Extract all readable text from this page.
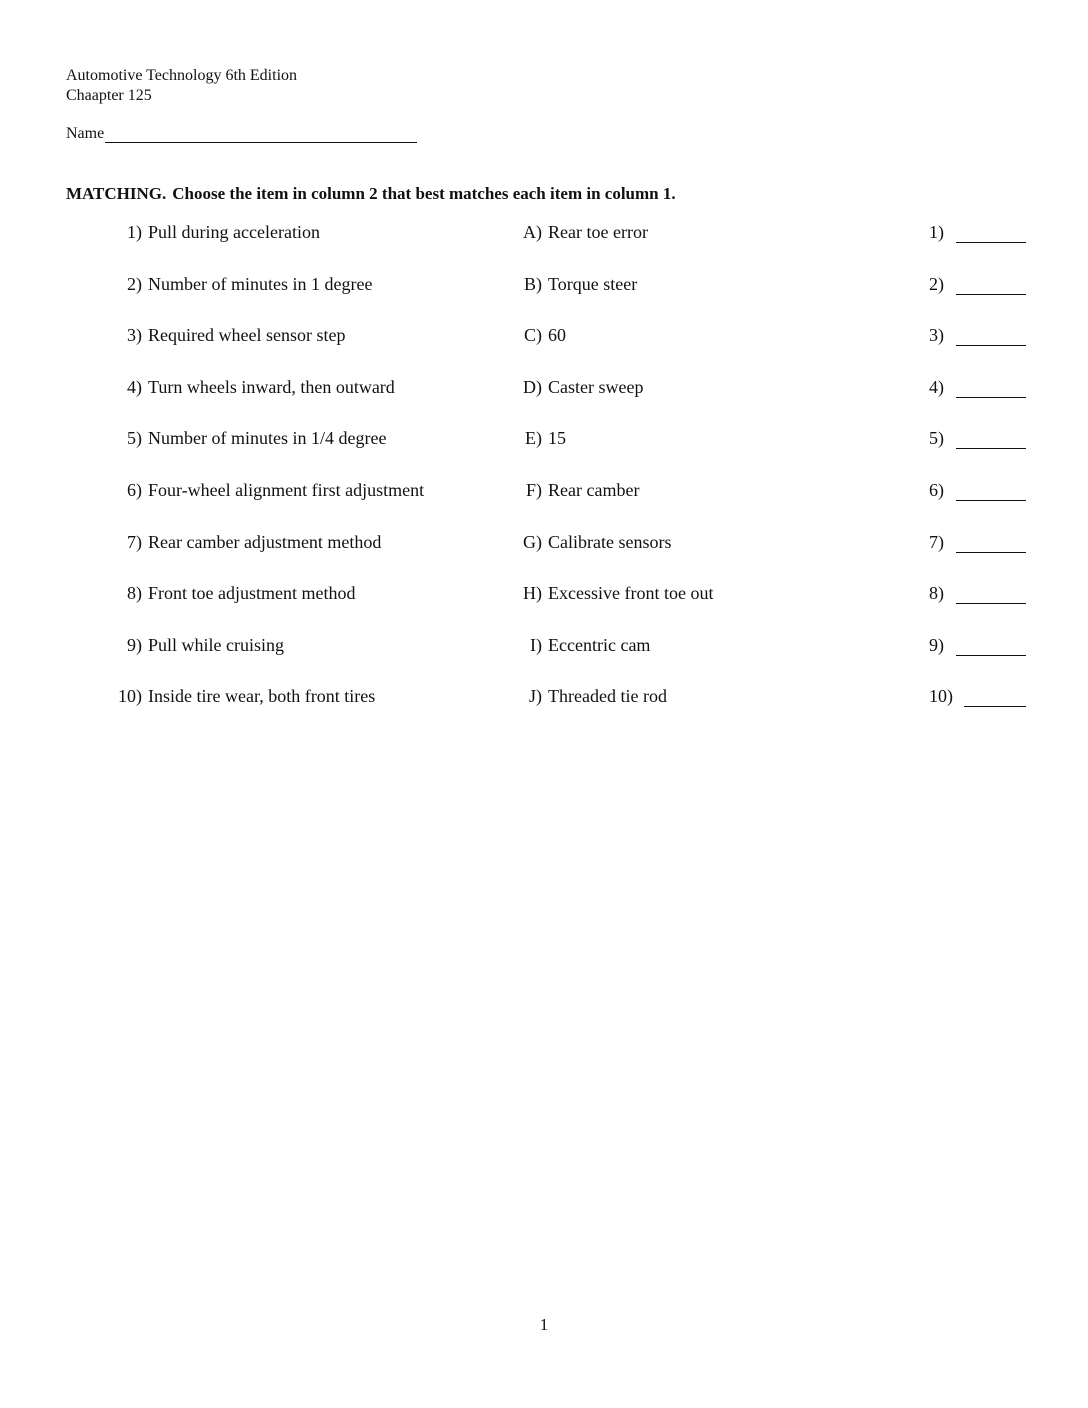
Automotive Technology 6th Edition
Chaapter 125
Name
MATCHING. Choose the item in column 2 that best matches each item in column 1.
1) Pull during acceleration	A) Rear toe error	1)
2) Number of minutes in 1 degree	B) Torque steer	2)
3) Required wheel sensor step	C) 60	3)
4) Turn wheels inward, then outward	D) Caster sweep	4)
5) Number of minutes in 1/4 degree	E) 15	5)
6) Four-wheel alignment first adjustment	F) Rear camber	6)
7) Rear camber adjustment method	G) Calibrate sensors	7)
8) Front toe adjustment method	H) Excessive front toe out	8)
9) Pull while cruising	I) Eccentric cam	9)
10) Inside tire wear, both front tires	J) Threaded tie rod	10)
1
